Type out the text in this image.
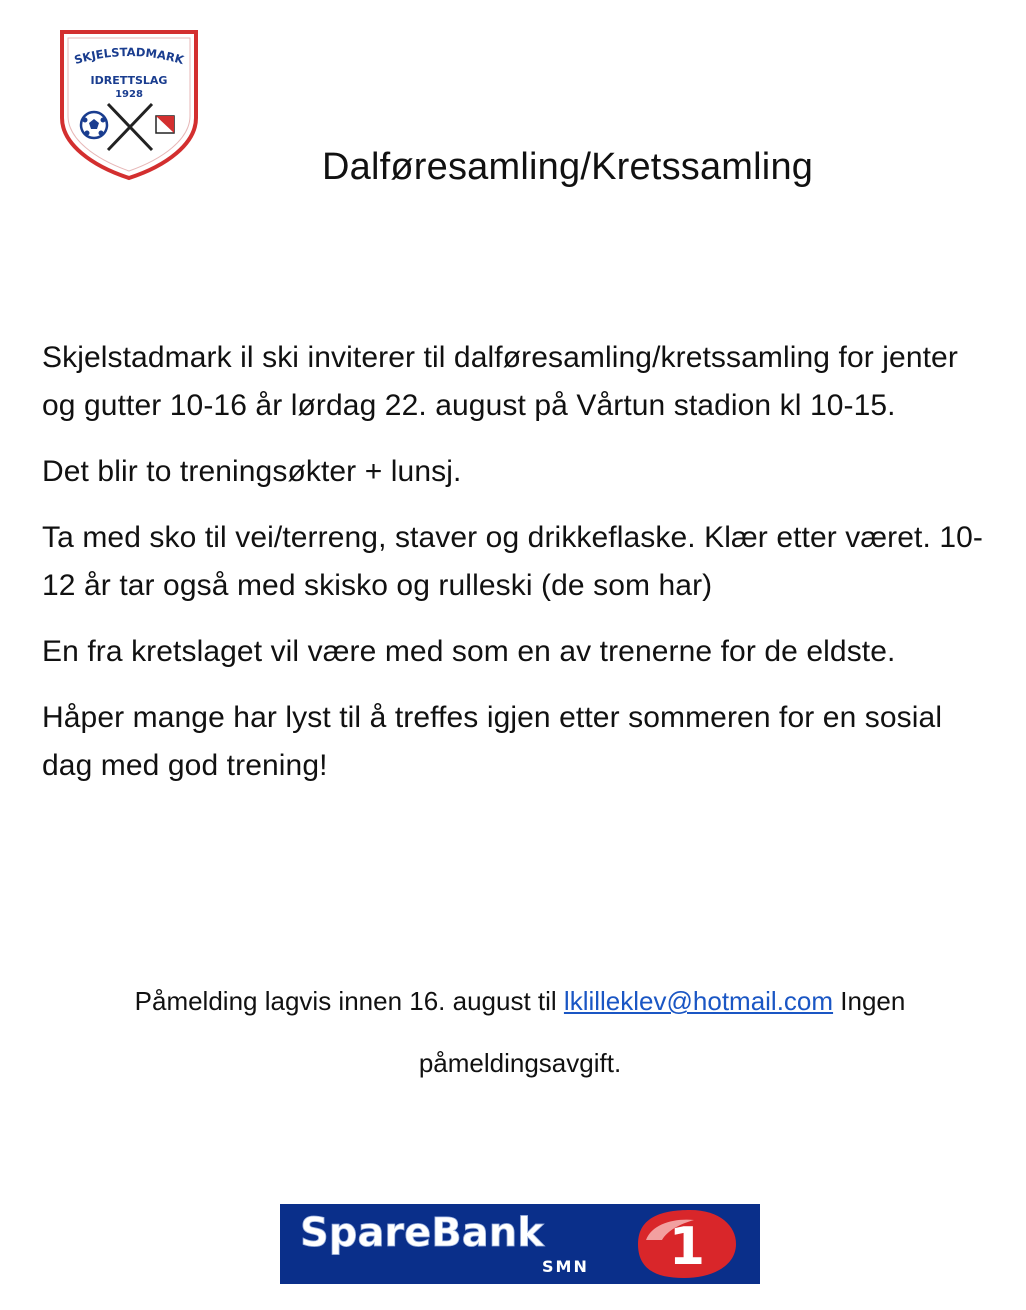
SKJELSTADMARK
IDRETTSLAG
1928
Dalføresamling/Kretssamling

Skjelstadmark il ski inviterer til dalføresamling/kretssamling for jenter og gutter 10-16 år lørdag 22. august på Vårtun stadion kl 10-15.

Det blir to treningsøkter + lunsj.

Ta med sko til vei/terreng, staver og drikkeflaske. Klær etter været. 10-12 år tar også med skisko og rulleski (de som har)

En fra kretslaget vil være med som en av trenerne for de eldste.

Håper mange har lyst til å treffes igjen etter sommeren for en sosial dag med god trening!

Påmelding lagvis innen 16. august til lklilleklev@hotmail.com Ingen påmeldingsavgift.
SpareBank
SMN 1
